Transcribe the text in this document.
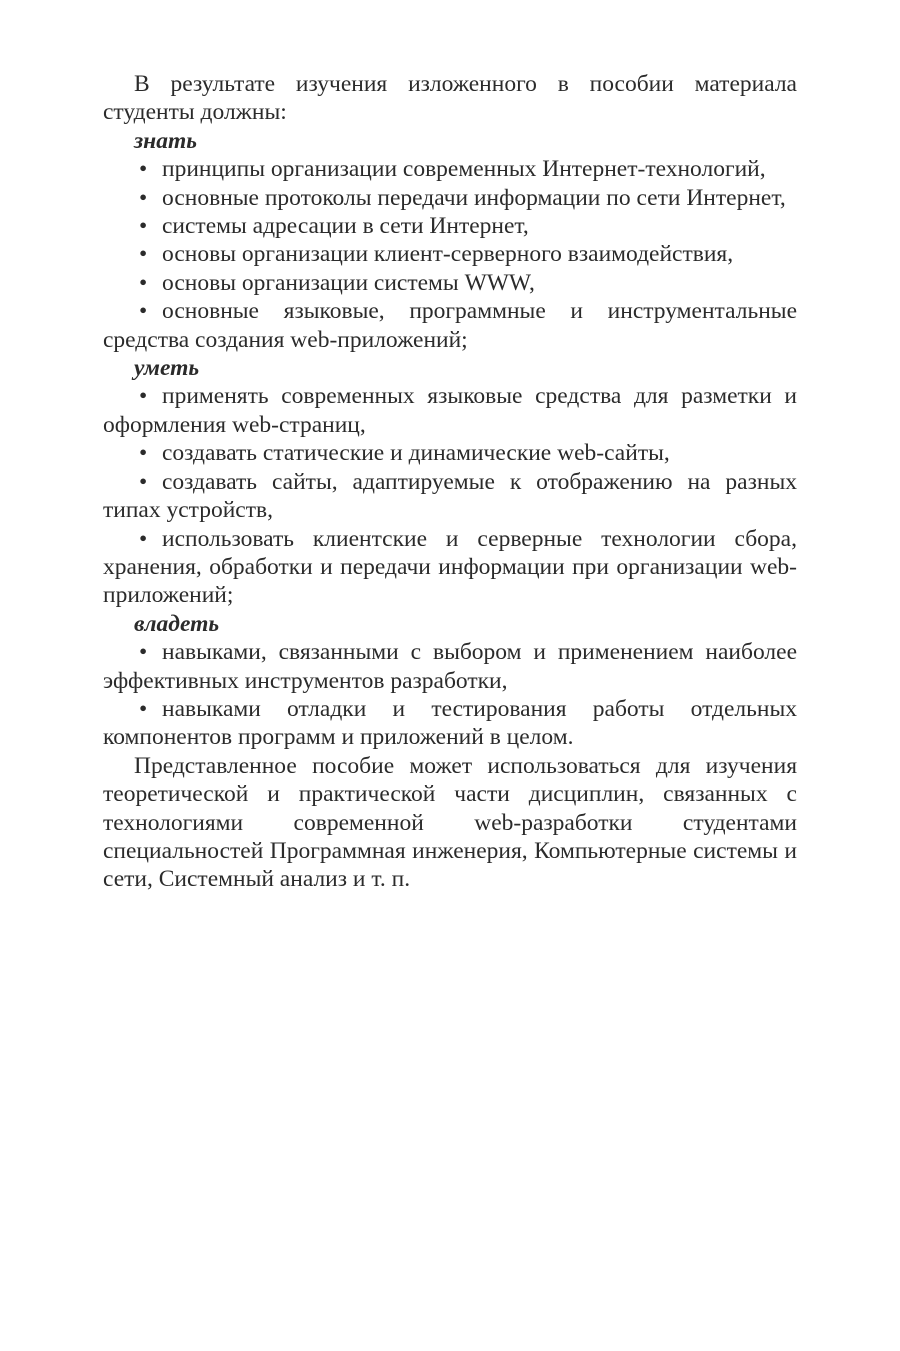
В результате изучения изложенного в пособии материала студенты должны:

знать

• принципы организации современных Интернет-технологий,

• основные протоколы передачи информации по сети Интернет,

• системы адресации в сети Интернет,

• основы организации клиент-серверного взаимодействия,

• основы организации системы WWW,

• основные языковые, программные и инструментальные средства создания web-приложений;

уметь

• применять современных языковые средства для разметки и оформления web-страниц,

• создавать статические и динамические web-сайты,

• создавать сайты, адаптируемые к отображению на разных типах устройств,

• использовать клиентские и серверные технологии сбора, хранения, обработки и передачи информации при организации web-приложений;

владеть

• навыками, связанными с выбором и применением наиболее эффективных инструментов разработки,

• навыками отладки и тестирования работы отдельных компонентов программ и приложений в целом.

Представленное пособие может использоваться для изучения теоретической и практической части дисциплин, связанных с технологиями современной web-разработки студентами специальностей Программная инженерия, Компьютерные системы и сети, Системный анализ и т. п.
